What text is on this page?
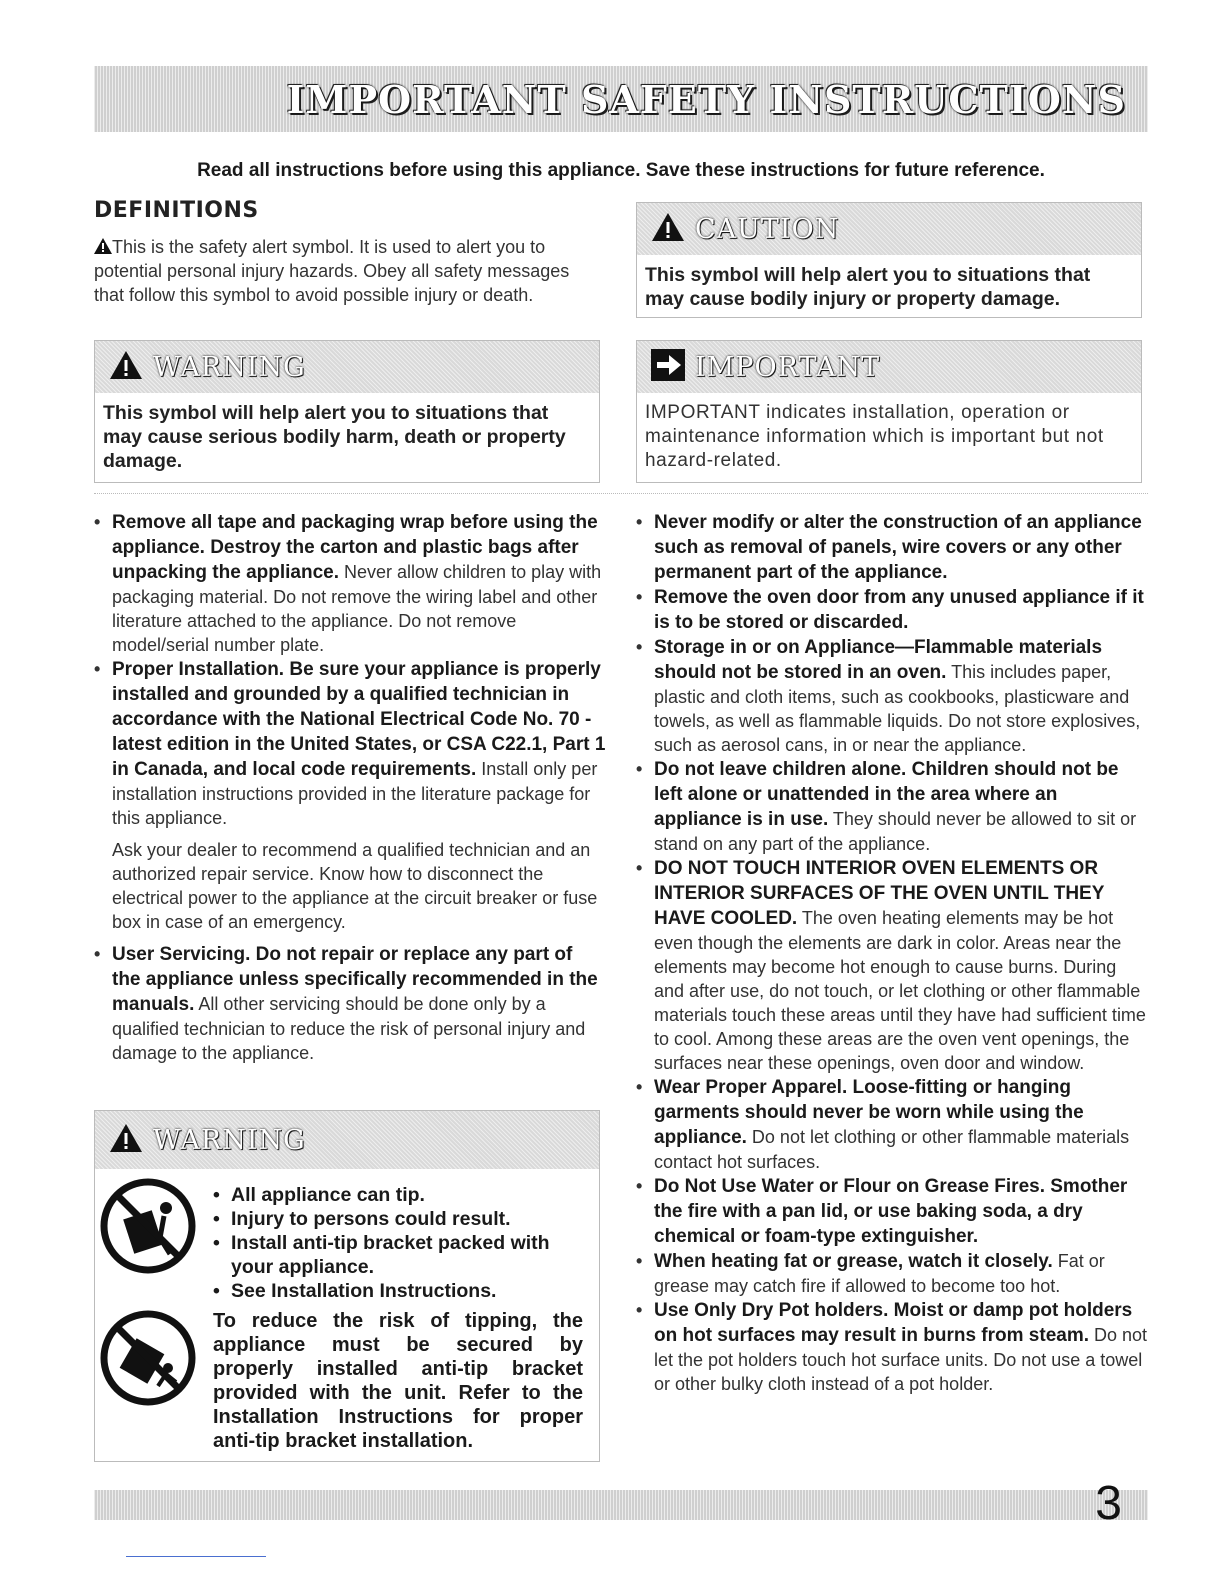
IMPORTANT SAFETY INSTRUCTIONS
Read all instructions before using this appliance. Save these instructions for future reference.
DEFINITIONS
This is the safety alert symbol. It is used to alert you to potential personal injury hazards. Obey all safety messages that follow this symbol to avoid possible injury or death.
WARNING
This symbol will help alert you to situations that may cause serious bodily harm, death or property damage.
CAUTION
This symbol will help alert you to situations that may cause bodily injury or property damage.
IMPORTANT
IMPORTANT indicates installation, operation or maintenance information which is important but not hazard-related.

• Remove all tape and packaging wrap before using the appliance. Destroy the carton and plastic bags after unpacking the appliance. Never allow children to play with packaging material. Do not remove the wiring label and other literature attached to the appliance. Do not remove model/serial number plate.

• Proper Installation. Be sure your appliance is properly installed and grounded by a qualified technician in accordance with the National Electrical Code No. 70 - latest edition in the United States, or CSA C22.1, Part 1 in Canada, and local code requirements. Install only per installation instructions provided in the literature package for this appliance.

Ask your dealer to recommend a qualified technician and an authorized repair service. Know how to disconnect the electrical power to the appliance at the circuit breaker or fuse box in case of an emergency.

• User Servicing. Do not repair or replace any part of the appliance unless specifically recommended in the manuals. All other servicing should be done only by a qualified technician to reduce the risk of personal injury and damage to the appliance.

WARNING
• All appliance can tip.
• Injury to persons could result.
• Install anti-tip bracket packed with your appliance.
• See Installation Instructions.
To reduce the risk of tipping, the appliance must be secured by properly installed anti-tip bracket provided with the unit. Refer to the Installation Instructions for proper anti-tip bracket installation.

• Never modify or alter the construction of an appliance such as removal of panels, wire covers or any other permanent part of the appliance.

• Remove the oven door from any unused appliance if it is to be stored or discarded.

• Storage in or on Appliance—Flammable materials should not be stored in an oven. This includes paper, plastic and cloth items, such as cookbooks, plasticware and towels, as well as flammable liquids. Do not store explosives, such as aerosol cans, in or near the appliance.

• Do not leave children alone. Children should not be left alone or unattended in the area where an appliance is in use. They should never be allowed to sit or stand on any part of the appliance.

• DO NOT TOUCH INTERIOR OVEN ELEMENTS OR INTERIOR SURFACES OF THE OVEN UNTIL THEY HAVE COOLED. The oven heating elements may be hot even though the elements are dark in color. Areas near the elements may become hot enough to cause burns. During and after use, do not touch, or let clothing or other flammable materials touch these areas until they have had sufficient time to cool. Among these areas are the oven vent openings, the surfaces near these openings, oven door and window.

• Wear Proper Apparel. Loose-fitting or hanging garments should never be worn while using the appliance. Do not let clothing or other flammable materials contact hot surfaces.

• Do Not Use Water or Flour on Grease Fires. Smother the fire with a pan lid, or use baking soda, a dry chemical or foam-type extinguisher.

• When heating fat or grease, watch it closely. Fat or grease may catch fire if allowed to become too hot.

• Use Only Dry Pot holders. Moist or damp pot holders on hot surfaces may result in burns from steam. Do not let the pot holders touch hot surface units. Do not use a towel or other bulky cloth instead of a pot holder.

3
